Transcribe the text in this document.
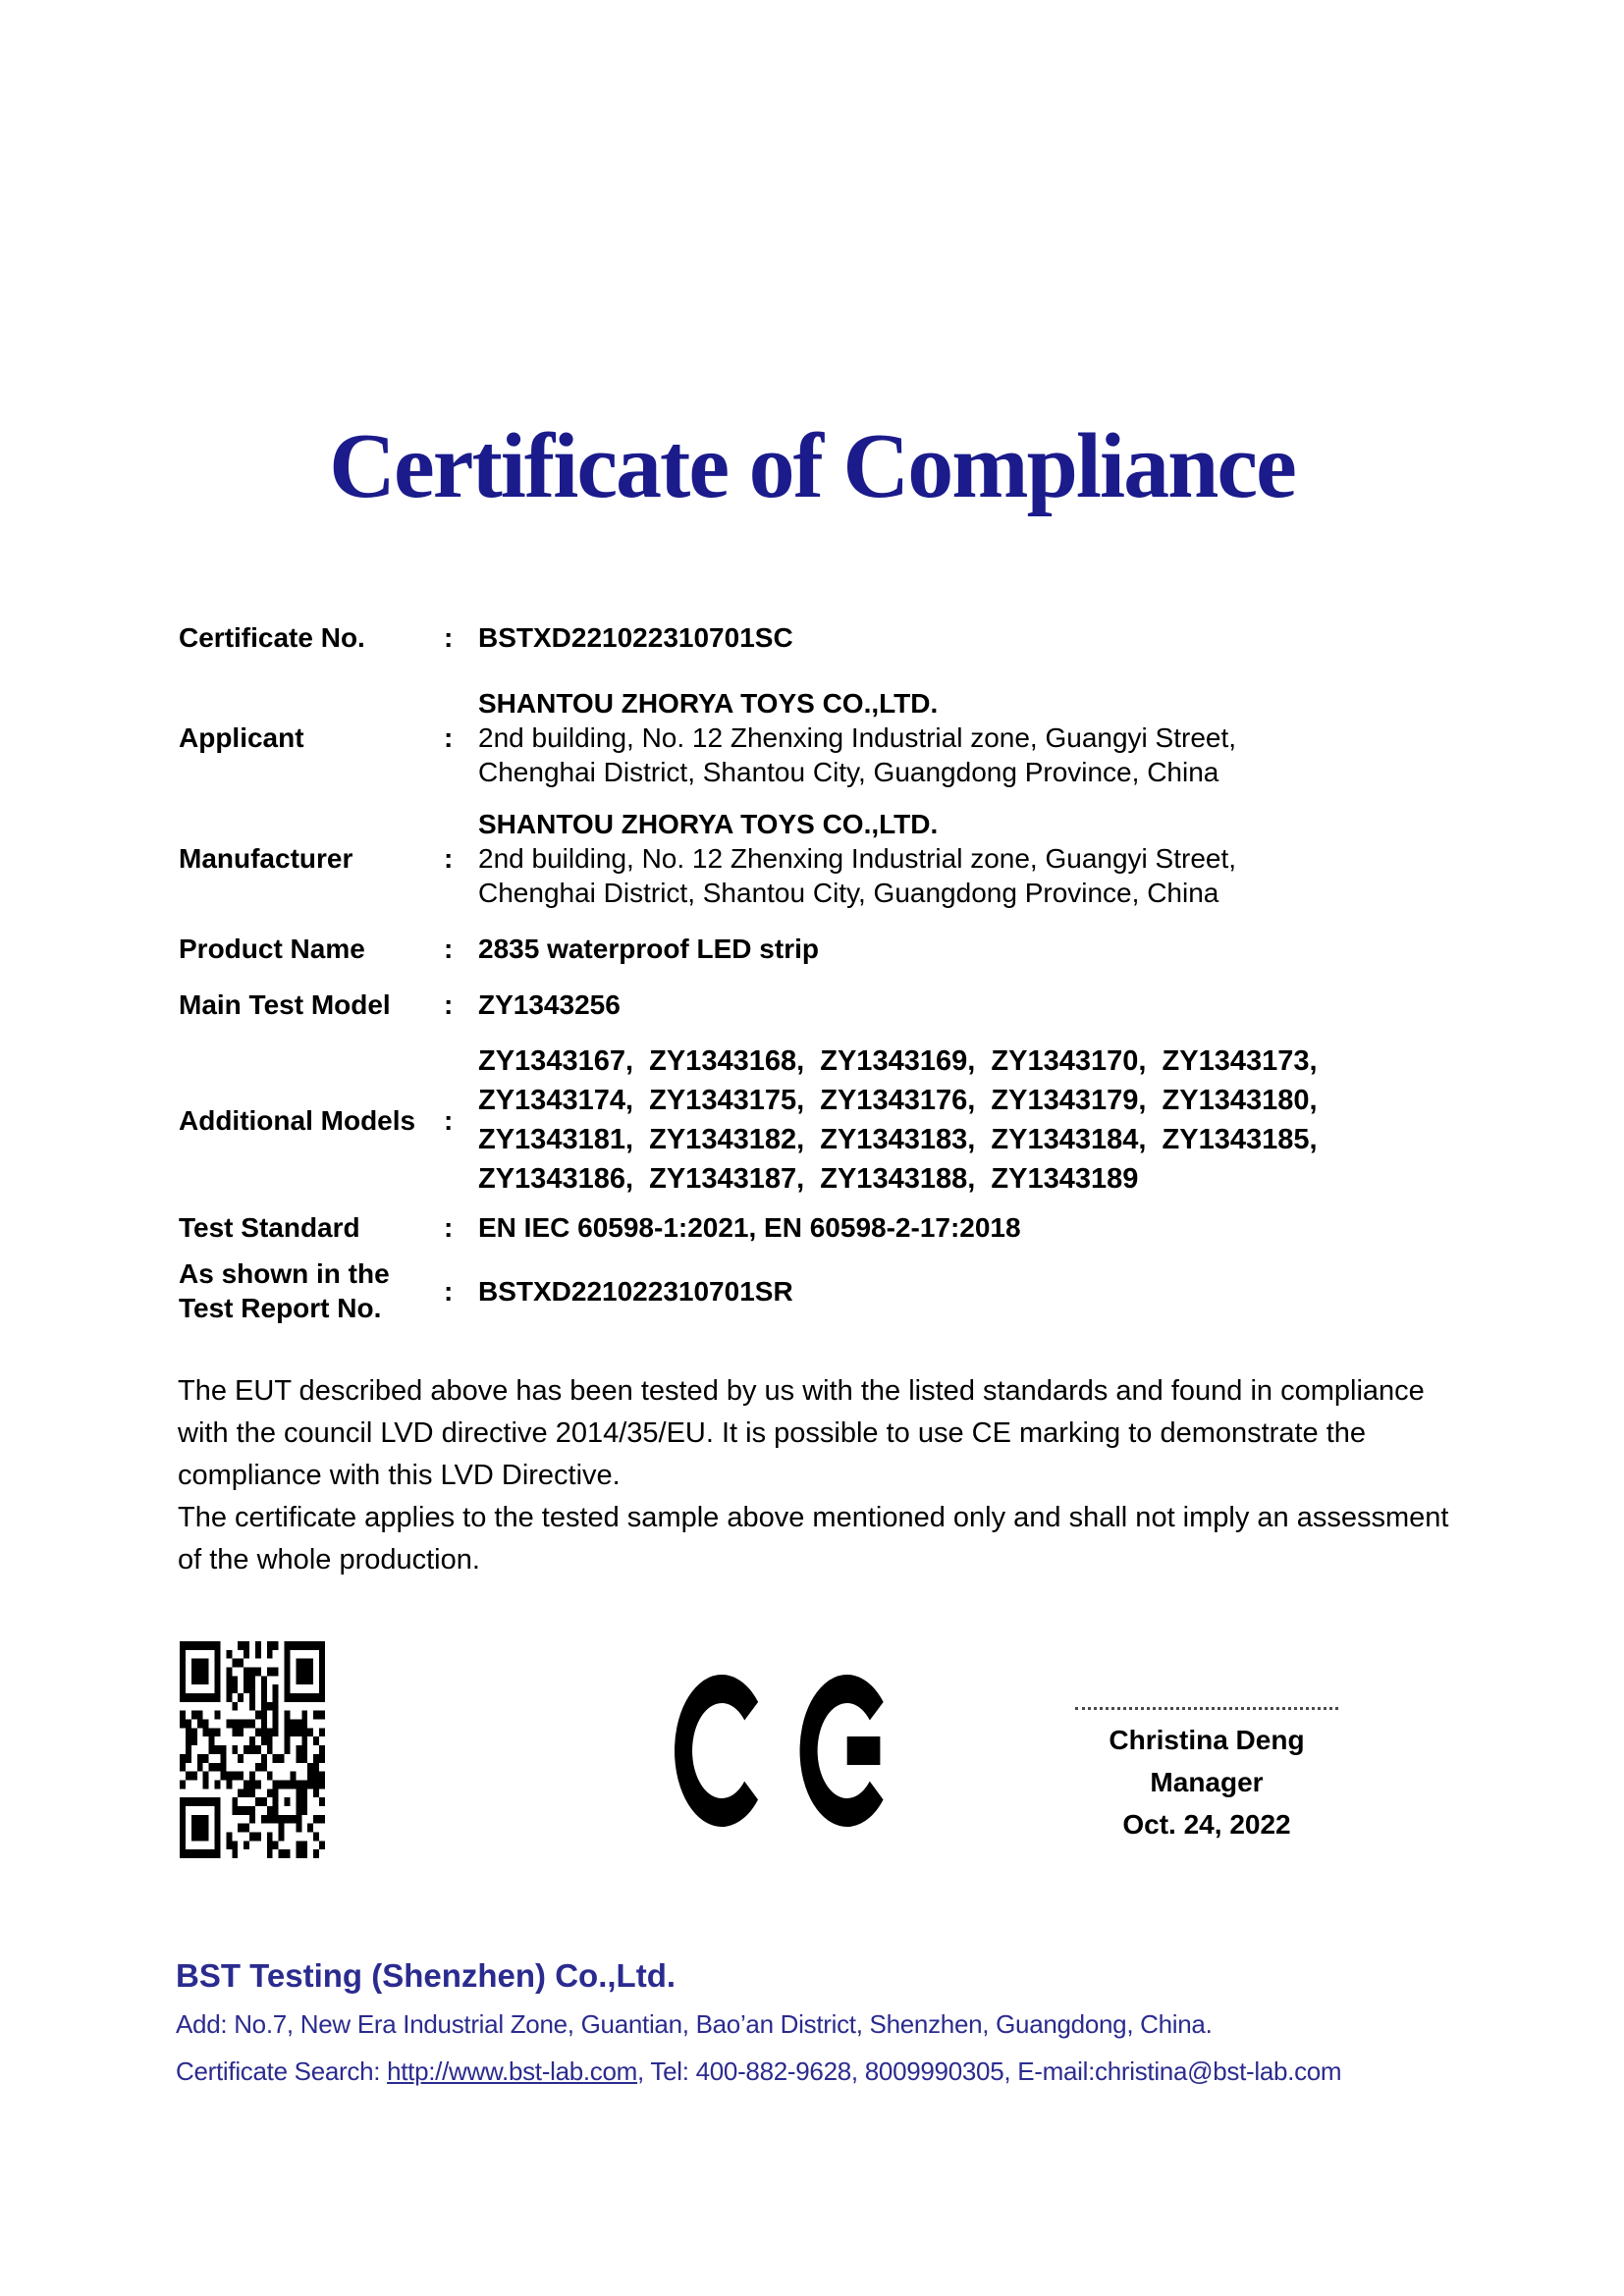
Certificate of Compliance
Certificate No.	: BSTXD221022310701SC
Applicant	:
SHANTOU ZHORYA TOYS CO.,LTD.
2nd building, No. 12 Zhenxing Industrial zone, Guangyi Street,
Chenghai District, Shantou City, Guangdong Province, China
Manufacturer	:
SHANTOU ZHORYA TOYS CO.,LTD.
2nd building, No. 12 Zhenxing Industrial zone, Guangyi Street,
Chenghai District, Shantou City, Guangdong Province, China
Product Name	: 2835 waterproof LED strip
Main Test Model	: ZY1343256
Additional Models	:
ZY1343167,  ZY1343168,  ZY1343169,  ZY1343170,  ZY1343173,
ZY1343174,  ZY1343175,  ZY1343176,  ZY1343179,  ZY1343180,
ZY1343181,  ZY1343182,  ZY1343183,  ZY1343184,  ZY1343185,
ZY1343186,  ZY1343187,  ZY1343188,  ZY1343189
Test Standard	: EN IEC 60598-1:2021, EN 60598-2-17:2018
As shown in the Test Report No.
: BSTXD221022310701SR

The EUT described above has been tested by us with the listed standards and found in compliance with the council LVD directive 2014/35/EU. It is possible to use CE marking to demonstrate the compliance with this LVD Directive.

The certificate applies to the tested sample above mentioned only and shall not imply an assessment of the whole production.

Christina Deng
Manager
Oct. 24, 2022
BST Testing (Shenzhen) Co.,Ltd.
Add: No.7, New Era Industrial Zone, Guantian, Bao’an District, Shenzhen, Guangdong, China.
Certificate Search: http://www.bst-lab.com, Tel: 400-882-9628, 8009990305, E-mail:christina@bst-lab.com
